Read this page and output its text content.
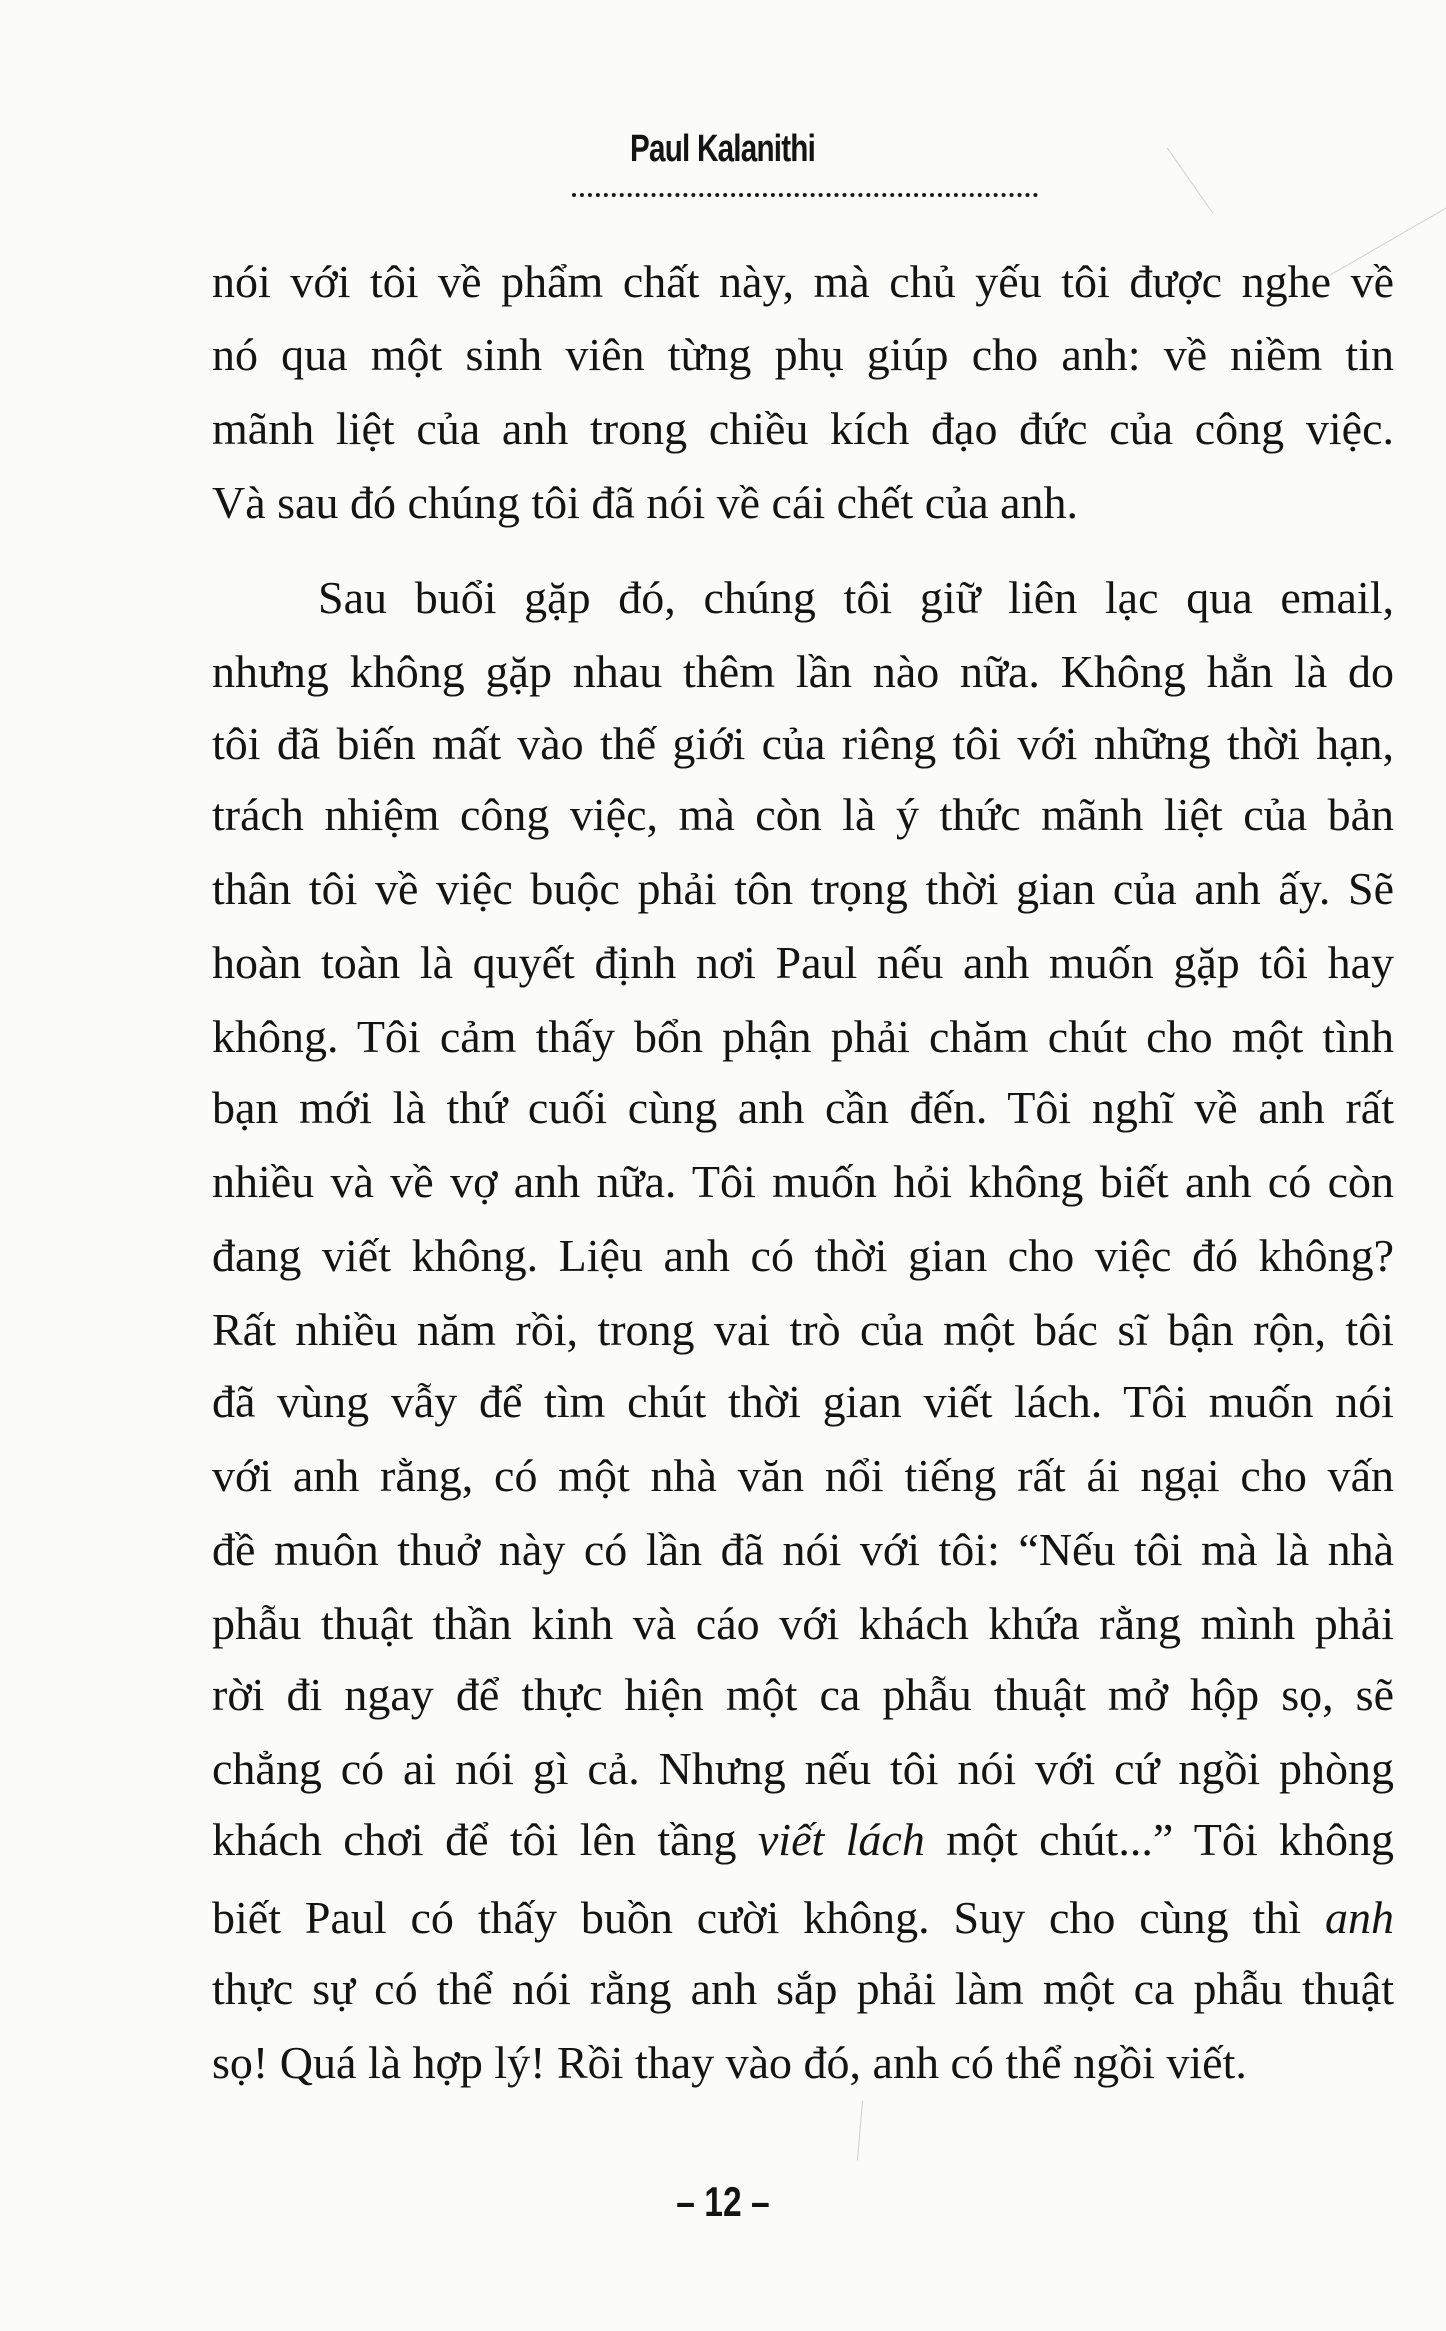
Paul Kalanithi
nói với tôi về phẩm chất này, mà chủ yếu tôi được nghe về
nó qua một sinh viên từng phụ giúp cho anh: về niềm tin
mãnh liệt của anh trong chiều kích đạo đức của công việc.
Và sau đó chúng tôi đã nói về cái chết của anh.
Sau buổi gặp đó, chúng tôi giữ liên lạc qua email,
nhưng không gặp nhau thêm lần nào nữa. Không hẳn là do
tôi đã biến mất vào thế giới của riêng tôi với những thời hạn,
trách nhiệm công việc, mà còn là ý thức mãnh liệt của bản
thân tôi về việc buộc phải tôn trọng thời gian của anh ấy. Sẽ
hoàn toàn là quyết định nơi Paul nếu anh muốn gặp tôi hay
không. Tôi cảm thấy bổn phận phải chăm chút cho một tình
bạn mới là thứ cuối cùng anh cần đến. Tôi nghĩ về anh rất
nhiều và về vợ anh nữa. Tôi muốn hỏi không biết anh có còn
đang viết không. Liệu anh có thời gian cho việc đó không?
Rất nhiều năm rồi, trong vai trò của một bác sĩ bận rộn, tôi
đã vùng vẫy để tìm chút thời gian viết lách. Tôi muốn nói
với anh rằng, có một nhà văn nổi tiếng rất ái ngại cho vấn
đề muôn thuở này có lần đã nói với tôi: “Nếu tôi mà là nhà
phẫu thuật thần kinh và cáo với khách khứa rằng mình phải
rời đi ngay để thực hiện một ca phẫu thuật mở hộp sọ, sẽ
chẳng có ai nói gì cả. Nhưng nếu tôi nói với cứ ngồi phòng
khách chơi để tôi lên tầng viết lách một chút...” Tôi không
biết Paul có thấy buồn cười không. Suy cho cùng thì anh
thực sự có thể nói rằng anh sắp phải làm một ca phẫu thuật
sọ! Quá là hợp lý! Rồi thay vào đó, anh có thể ngồi viết.
– 12 –
